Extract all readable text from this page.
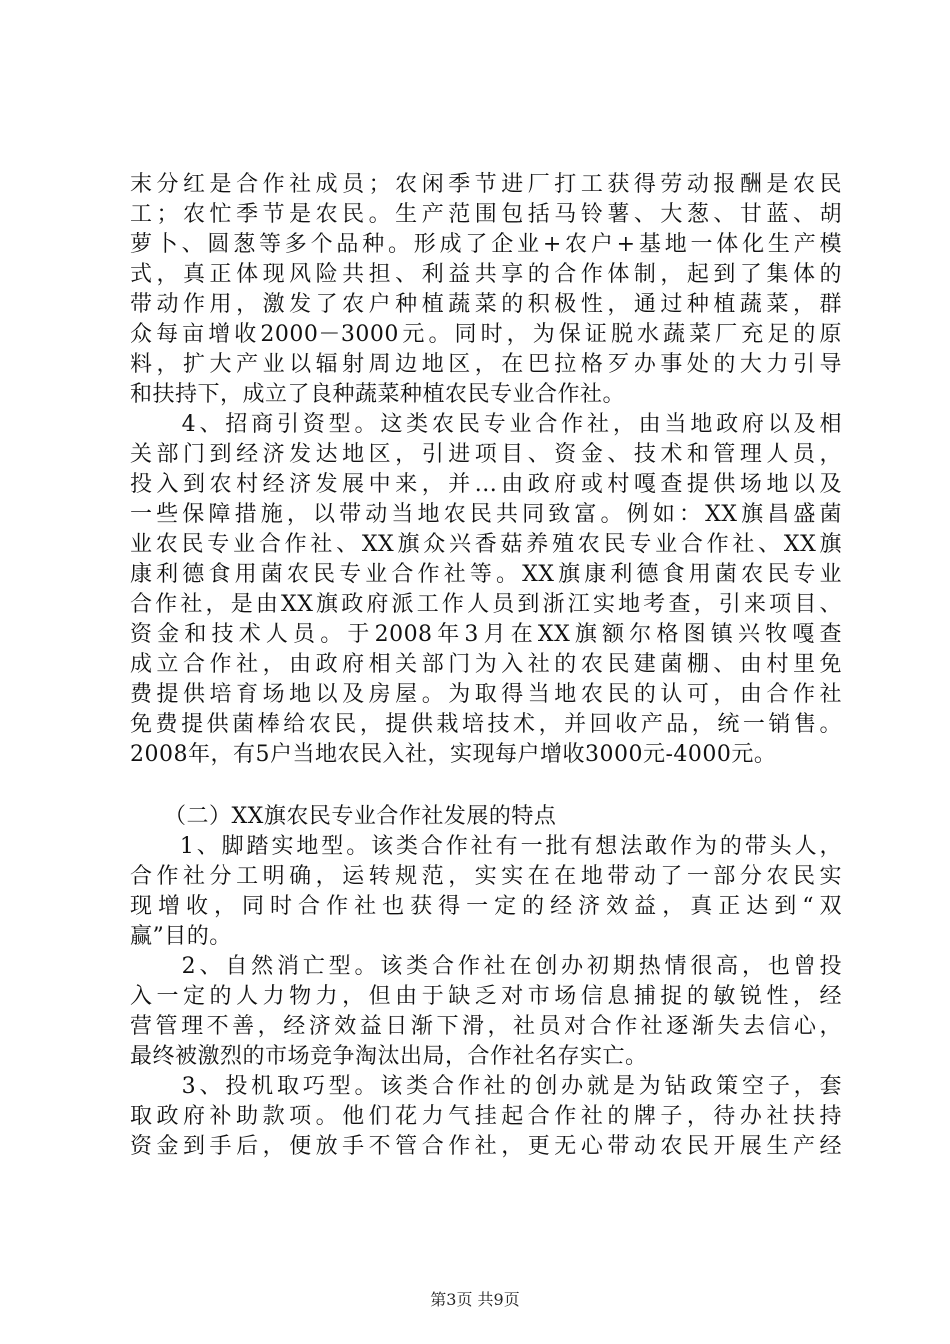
末分红是合作社成员；农闲季节进厂打工获得劳动报酬是农民
工；农忙季节是农民。生产范围包括马铃薯、大葱、甘蓝、胡
萝卜、圆葱等多个品种。形成了企业+农户+基地一体化生产模
式，真正体现风险共担、利益共享的合作体制，起到了集体的
带动作用，激发了农户种植蔬菜的积极性，通过种植蔬菜，群
众每亩增收2000－3000元。同时，为保证脱水蔬菜厂充足的原
料，扩大产业以辐射周边地区，在巴拉格歹办事处的大力引导
和扶持下，成立了良种蔬菜种植农民专业合作社。
　　4、招商引资型。这类农民专业合作社，由当地政府以及相
关部门到经济发达地区，引进项目、资金、技术和管理人员，
投入到农村经济发展中来，并...由政府或村嘎查提供场地以及
一些保障措施，以带动当地农民共同致富。例如：XX旗昌盛菌
业农民专业合作社、XX旗众兴香菇养殖农民专业合作社、XX旗
康利德食用菌农民专业合作社等。XX旗康利德食用菌农民专业
合作社，是由XX旗政府派工作人员到浙江实地考查，引来项目、
资金和技术人员。于2008年3月在XX旗额尔格图镇兴牧嘎查
成立合作社，由政府相关部门为入社的农民建菌棚、由村里免
费提供培育场地以及房屋。为取得当地农民的认可，由合作社
免费提供菌棒给农民，提供栽培技术，并回收产品，统一销售。
2008年，有5户当地农民入社，实现每户增收3000元-4000元。
　　（二）XX旗农民专业合作社发展的特点
　　1、脚踏实地型。该类合作社有一批有想法敢作为的带头人，
合作社分工明确，运转规范，实实在在地带动了一部分农民实
现增收，同时合作社也获得一定的经济效益，真正达到“双
赢”目的。
　　2、自然消亡型。该类合作社在创办初期热情很高，也曾投
入一定的人力物力，但由于缺乏对市场信息捕捉的敏锐性，经
营管理不善，经济效益日渐下滑，社员对合作社逐渐失去信心，
最终被激烈的市场竞争淘汰出局，合作社名存实亡。
　　3、投机取巧型。该类合作社的创办就是为钻政策空子，套
取政府补助款项。他们花力气挂起合作社的牌子，待办社扶持
资金到手后，便放手不管合作社，更无心带动农民开展生产经
第3页 共9页
